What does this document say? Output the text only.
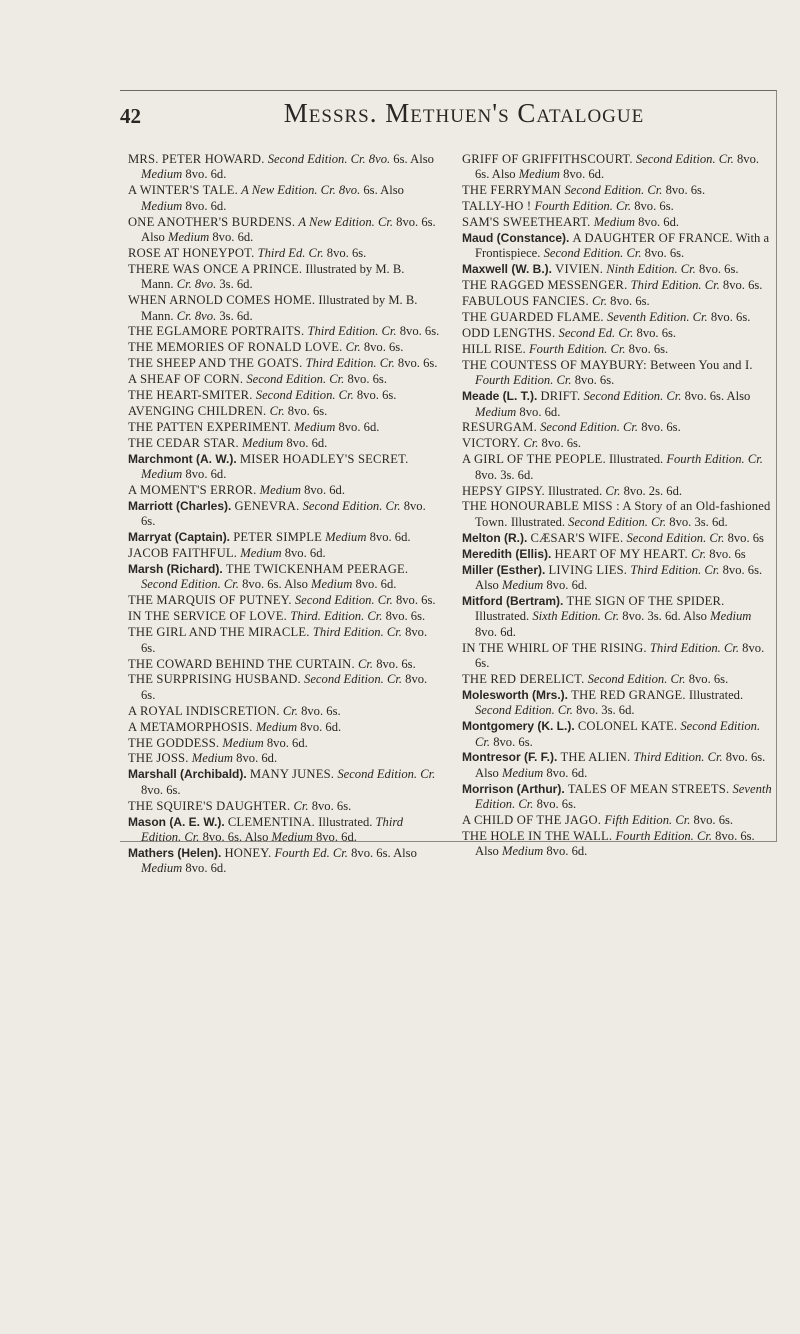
42	Messrs. Methuen's Catalogue
MRS. PETER HOWARD. Second Edition. Cr. 8vo. 6s. Also Medium 8vo. 6d.
A WINTER'S TALE. A New Edition. Cr. 8vo. 6s. Also Medium 8vo. 6d.
ONE ANOTHER'S BURDENS. A New Edition. Cr. 8vo. 6s. Also Medium 8vo. 6d.
ROSE AT HONEYPOT. Third Ed. Cr. 8vo. 6s.
THERE WAS ONCE A PRINCE. Illustrated by M. B. Mann. Cr. 8vo. 3s. 6d.
WHEN ARNOLD COMES HOME. Illustrated by M. B. Mann. Cr. 8vo. 3s. 6d.
THE EGLAMORE PORTRAITS. Third Edition. Cr. 8vo. 6s.
THE MEMORIES OF RONALD LOVE. Cr. 8vo. 6s.
THE SHEEP AND THE GOATS. Third Edition. Cr. 8vo. 6s.
A SHEAF OF CORN. Second Edition. Cr. 8vo. 6s.
THE HEART-SMITER. Second Edition. Cr. 8vo. 6s.
AVENGING CHILDREN. Cr. 8vo. 6s.
THE PATTEN EXPERIMENT. Medium 8vo. 6d.
THE CEDAR STAR. Medium 8vo. 6d.
Marchmont (A. W.). MISER HOADLEY'S SECRET. Medium 8vo. 6d.
A MOMENT'S ERROR. Medium 8vo. 6d.
Marriott (Charles). GENEVRA. Second Edition. Cr. 8vo. 6s.
Marryat (Captain). PETER SIMPLE Medium 8vo. 6d.
JACOB FAITHFUL. Medium 8vo. 6d.
Marsh (Richard). THE TWICKENHAM PEERAGE. Second Edition. Cr. 8vo. 6s. Also Medium 8vo. 6d.
THE MARQUIS OF PUTNEY. Second Edition. Cr. 8vo. 6s.
IN THE SERVICE OF LOVE. Third. Edition. Cr. 8vo. 6s.
THE GIRL AND THE MIRACLE. Third Edition. Cr. 8vo. 6s.
THE COWARD BEHIND THE CURTAIN. Cr. 8vo. 6s.
THE SURPRISING HUSBAND. Second Edition. Cr. 8vo. 6s.
A ROYAL INDISCRETION. Cr. 8vo. 6s.
A METAMORPHOSIS. Medium 8vo. 6d.
THE GODDESS. Medium 8vo. 6d.
THE JOSS. Medium 8vo. 6d.
Marshall (Archibald). MANY JUNES. Second Edition. Cr. 8vo. 6s.
THE SQUIRE'S DAUGHTER. Cr. 8vo. 6s.
Mason (A. E. W.). CLEMENTINA. Illustrated. Third Edition. Cr. 8vo. 6s. Also Medium 8vo. 6d.
Mathers (Helen). HONEY. Fourth Ed. Cr. 8vo. 6s. Also Medium 8vo. 6d.
GRIFF OF GRIFFITHSCOURT. Second Edition. Cr. 8vo. 6s. Also Medium 8vo. 6d.
THE FERRYMAN Second Edition. Cr. 8vo. 6s.
TALLY-HO ! Fourth Edition. Cr. 8vo. 6s.
SAM'S SWEETHEART. Medium 8vo. 6d.
Maud (Constance). A DAUGHTER OF FRANCE. With a Frontispiece. Second Edition. Cr. 8vo. 6s.
Maxwell (W. B.). VIVIEN. Ninth Edition. Cr. 8vo. 6s.
THE RAGGED MESSENGER. Third Edition. Cr. 8vo. 6s.
FABULOUS FANCIES. Cr. 8vo. 6s.
THE GUARDED FLAME. Seventh Edition. Cr. 8vo. 6s.
ODD LENGTHS. Second Ed. Cr. 8vo. 6s.
HILL RISE. Fourth Edition. Cr. 8vo. 6s.
THE COUNTESS OF MAYBURY: Between You and I. Fourth Edition. Cr. 8vo. 6s.
Meade (L. T.). DRIFT. Second Edition. Cr. 8vo. 6s. Also Medium 8vo. 6d.
RESURGAM. Second Edition. Cr. 8vo. 6s.
VICTORY. Cr. 8vo. 6s.
A GIRL OF THE PEOPLE. Illustrated. Fourth Edition. Cr. 8vo. 3s. 6d.
HEPSY GIPSY. Illustrated. Cr. 8vo. 2s. 6d.
THE HONOURABLE MISS : A Story of an Old-fashioned Town. Illustrated. Second Edition. Cr. 8vo. 3s. 6d.
Melton (R.). CÆSAR'S WIFE. Second Edition. Cr. 8vo. 6s
Meredith (Ellis). HEART OF MY HEART. Cr. 8vo. 6s
Miller (Esther). LIVING LIES. Third Edition. Cr. 8vo. 6s. Also Medium 8vo. 6d.
Mitford (Bertram). THE SIGN OF THE SPIDER. Illustrated. Sixth Edition. Cr. 8vo. 3s. 6d. Also Medium 8vo. 6d.
IN THE WHIRL OF THE RISING. Third Edition. Cr. 8vo. 6s.
THE RED DERELICT. Second Edition. Cr. 8vo. 6s.
Molesworth (Mrs.). THE RED GRANGE. Illustrated. Second Edition. Cr. 8vo. 3s. 6d.
Montgomery (K. L.). COLONEL KATE. Second Edition. Cr. 8vo. 6s.
Montresor (F. F.). THE ALIEN. Third Edition. Cr. 8vo. 6s. Also Medium 8vo. 6d.
Morrison (Arthur). TALES OF MEAN STREETS. Seventh Edition. Cr. 8vo. 6s.
A CHILD OF THE JAGO. Fifth Edition. Cr. 8vo. 6s.
THE HOLE IN THE WALL. Fourth Edition. Cr. 8vo. 6s. Also Medium 8vo. 6d.
